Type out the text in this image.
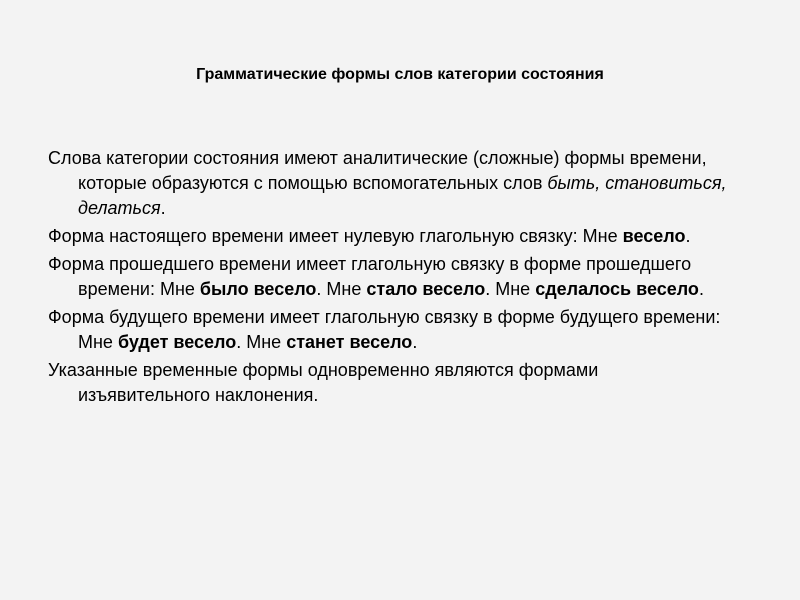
Грамматические формы слов категории состояния

Слова категории состояния имеют аналитические (сложные) формы времени, которые образуются с помощью вспомогательных слов быть, становиться, делаться.

Форма настоящего времени имеет нулевую глагольную связку: Мне весело.

Форма прошедшего времени имеет глагольную связку в форме прошедшего времени: Мне было весело. Мне стало весело. Мне сделалось весело.

Форма будущего времени имеет глагольную связку в форме будущего времени: Мне будет весело. Мне станет весело.

Указанные временные формы одновременно являются формами изъявительного наклонения.
